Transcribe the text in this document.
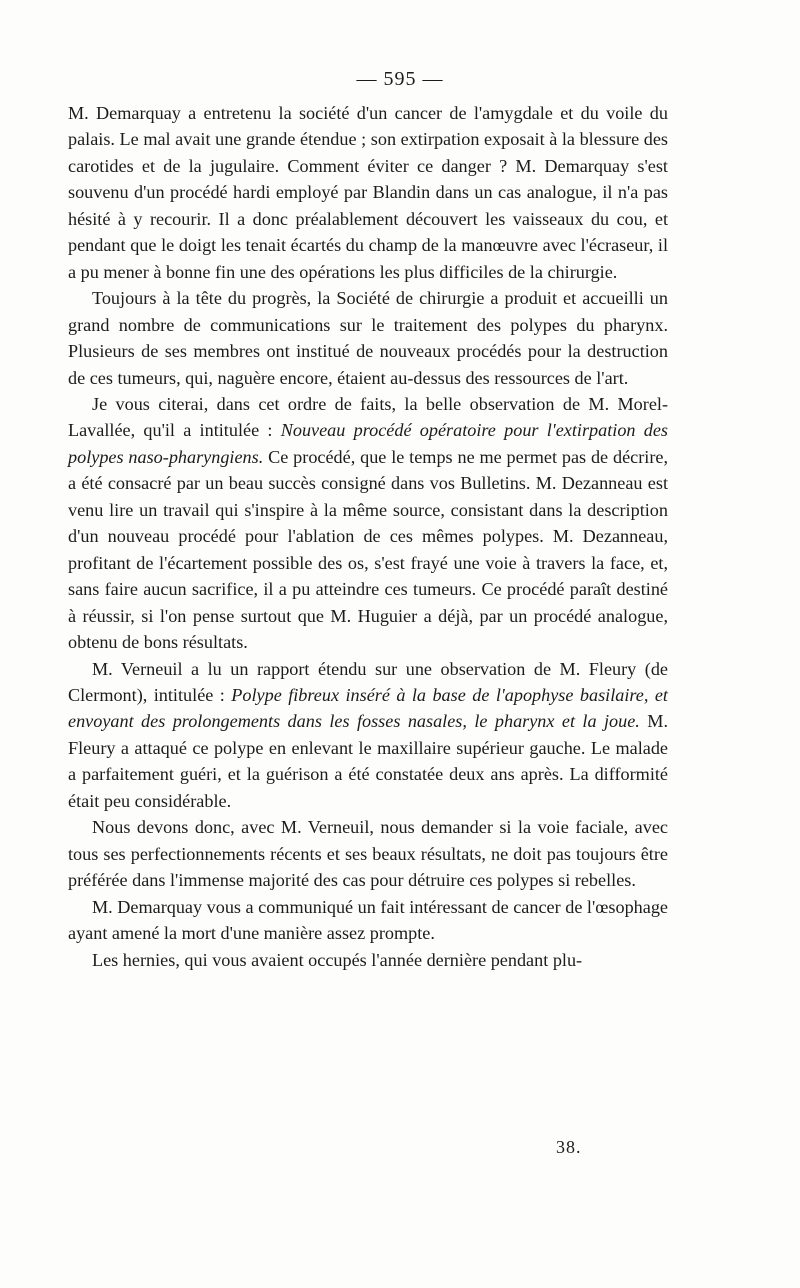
— 595 —

M. Demarquay a entretenu la société d'un cancer de l'amygdale et du voile du palais. Le mal avait une grande étendue ; son extirpation exposait à la blessure des carotides et de la jugulaire. Comment éviter ce danger ? M. Demarquay s'est souvenu d'un procédé hardi employé par Blandin dans un cas analogue, il n'a pas hésité à y recourir. Il a donc préalablement découvert les vaisseaux du cou, et pendant que le doigt les tenait écartés du champ de la manœuvre avec l'écraseur, il a pu mener à bonne fin une des opérations les plus difficiles de la chirurgie.

Toujours à la tête du progrès, la Société de chirurgie a produit et accueilli un grand nombre de communications sur le traitement des polypes du pharynx. Plusieurs de ses membres ont institué de nouveaux procédés pour la destruction de ces tumeurs, qui, naguère encore, étaient au-dessus des ressources de l'art.

Je vous citerai, dans cet ordre de faits, la belle observation de M. Morel-Lavallée, qu'il a intitulée : Nouveau procédé opératoire pour l'extirpation des polypes naso-pharyngiens. Ce procédé, que le temps ne me permet pas de décrire, a été consacré par un beau succès consigné dans vos Bulletins. M. Dezanneau est venu lire un travail qui s'inspire à la même source, consistant dans la description d'un nouveau procédé pour l'ablation de ces mêmes polypes. M. Dezanneau, profitant de l'écartement possible des os, s'est frayé une voie à travers la face, et, sans faire aucun sacrifice, il a pu atteindre ces tumeurs. Ce procédé paraît destiné à réussir, si l'on pense surtout que M. Huguier a déjà, par un procédé analogue, obtenu de bons résultats.

M. Verneuil a lu un rapport étendu sur une observation de M. Fleury (de Clermont), intitulée : Polype fibreux inséré à la base de l'apophyse basilaire, et envoyant des prolongements dans les fosses nasales, le pharynx et la joue. M. Fleury a attaqué ce polype en enlevant le maxillaire supérieur gauche. Le malade a parfaitement guéri, et la guérison a été constatée deux ans après. La difformité était peu considérable.

Nous devons donc, avec M. Verneuil, nous demander si la voie faciale, avec tous ses perfectionnements récents et ses beaux résultats, ne doit pas toujours être préférée dans l'immense majorité des cas pour détruire ces polypes si rebelles.

M. Demarquay vous a communiqué un fait intéressant de cancer de l'œsophage ayant amené la mort d'une manière assez prompte.

Les hernies, qui vous avaient occupés l'année dernière pendant plu-

38.
